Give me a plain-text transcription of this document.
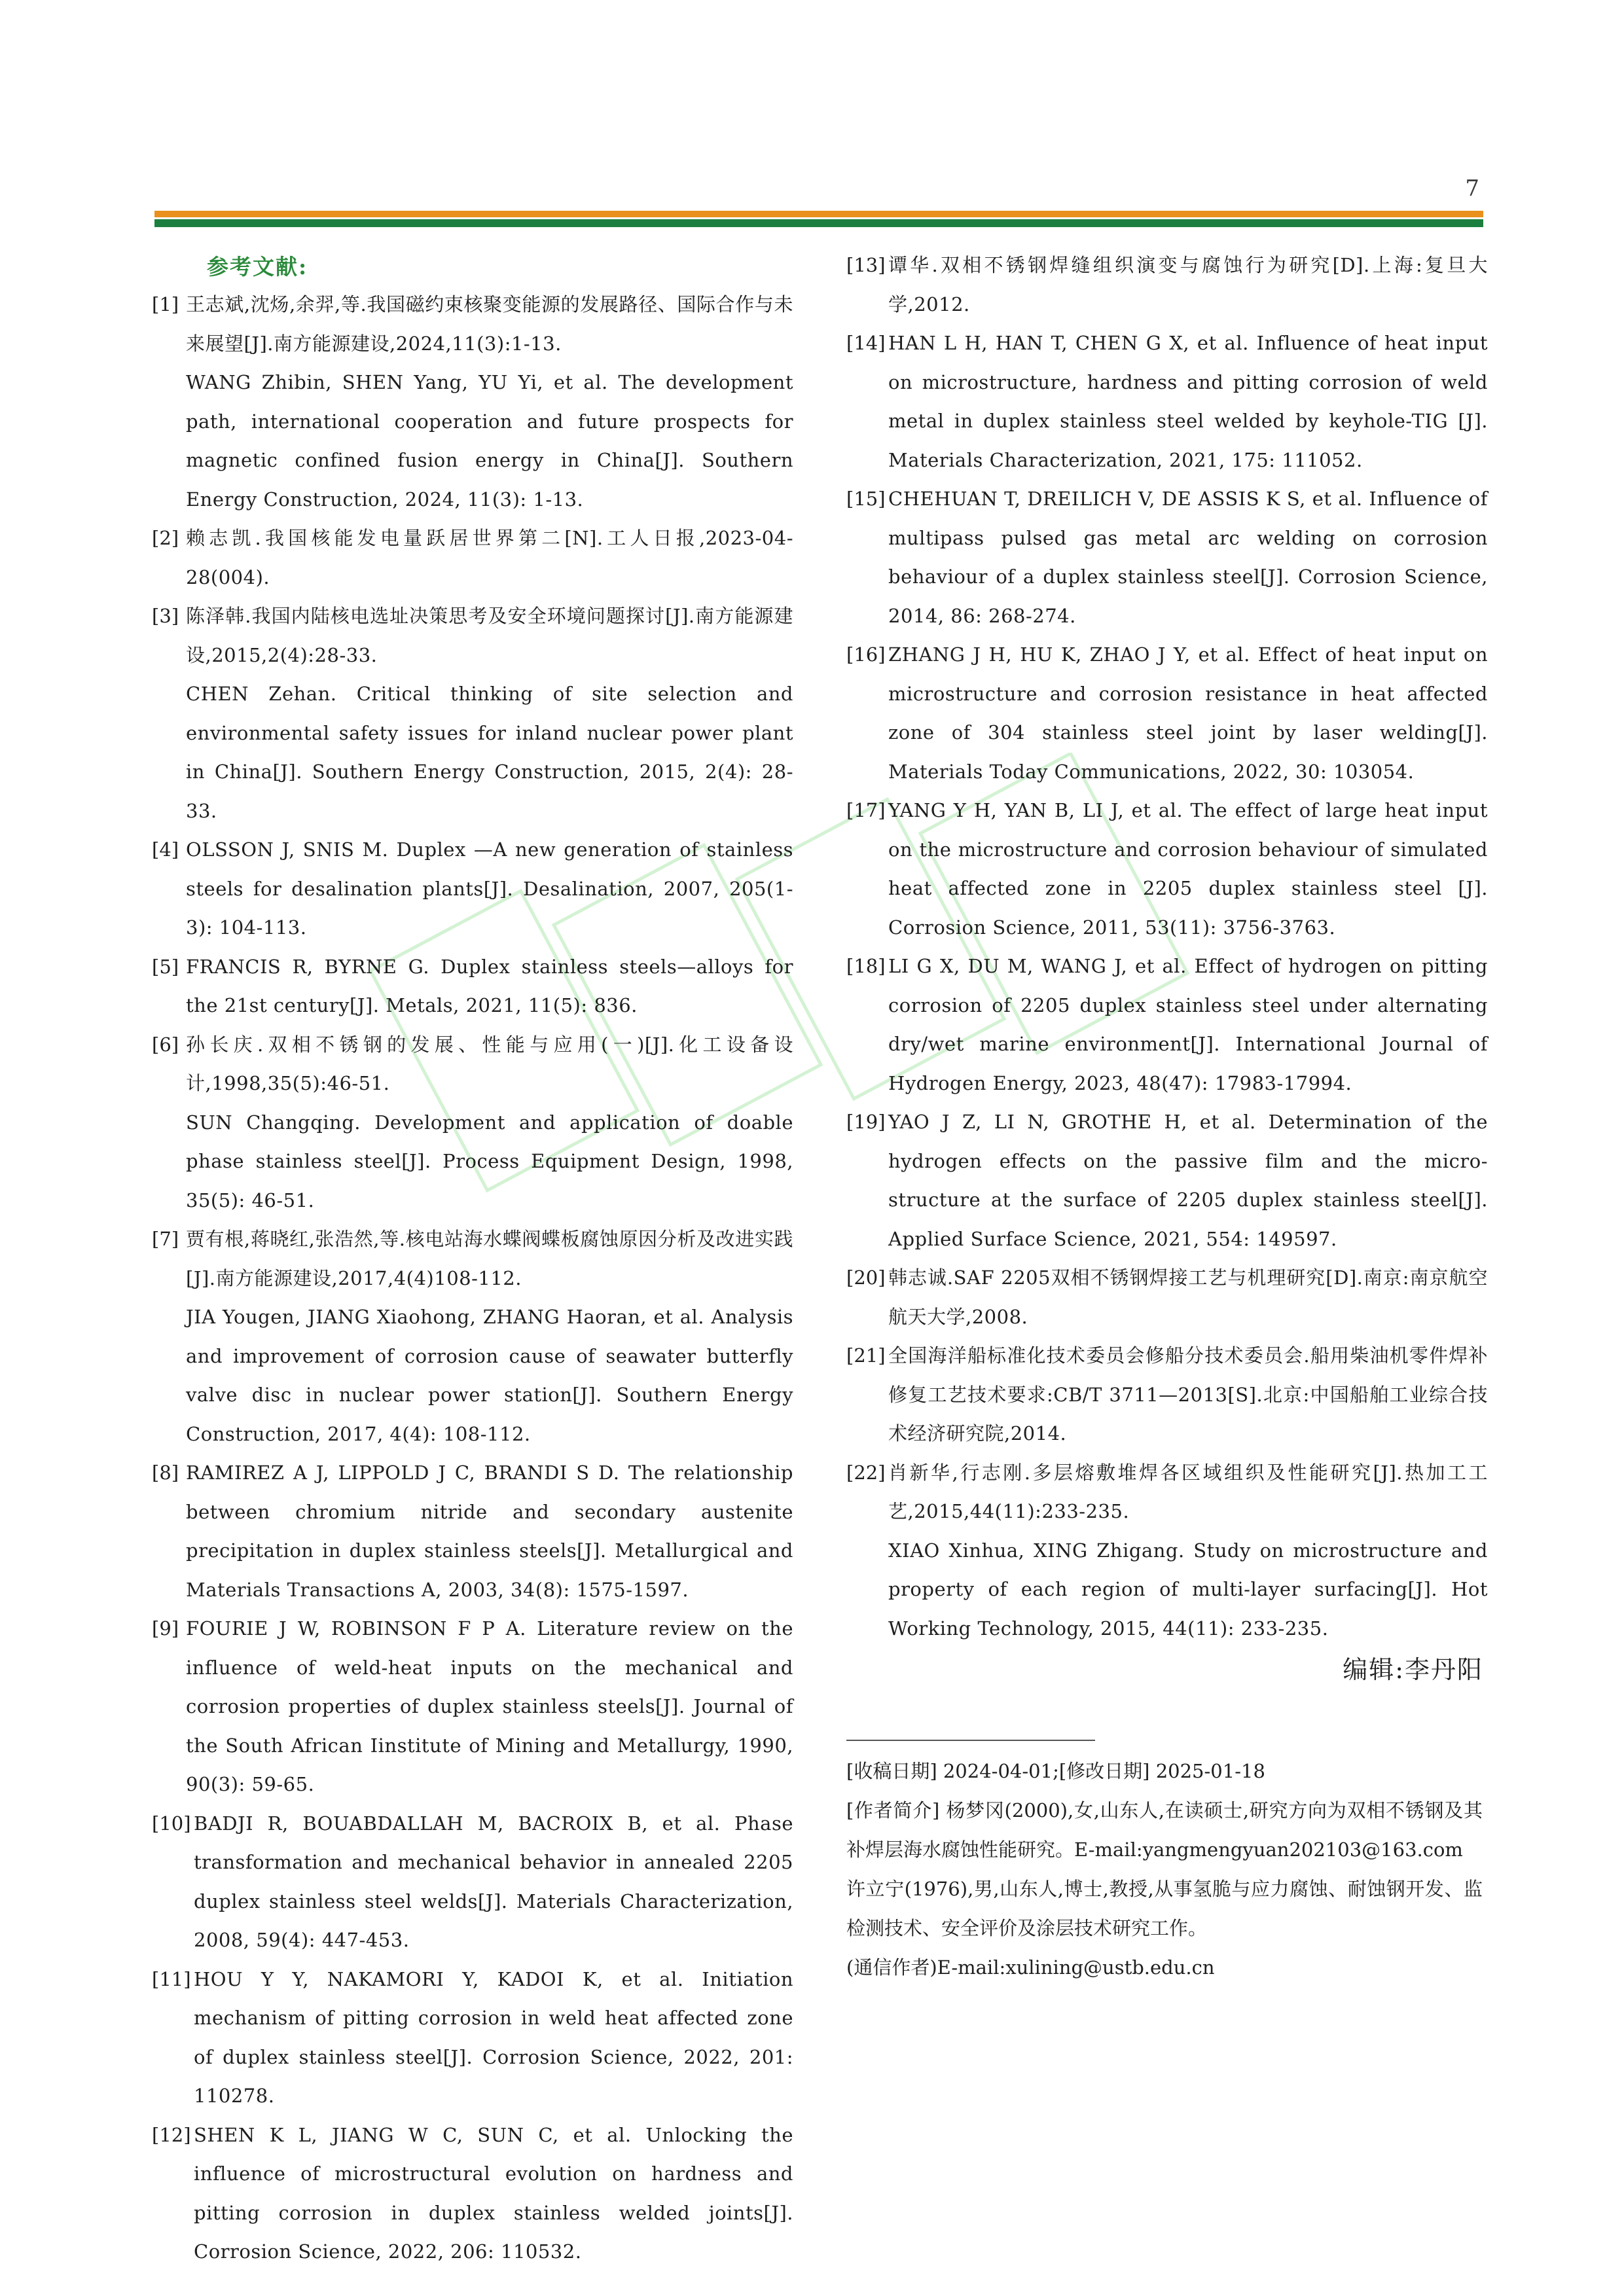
7
参考文献:
[1] 王志斌,沈炀,余羿,等.我国磁约束核聚变能源的发展路径、国际合作与未来展望[J].南方能源建设,2024,11(3):1-13.
WANG Zhibin, SHEN Yang, YU Yi, et al. The development path, international cooperation and future prospects for magnetic confined fusion energy in China[J]. Southern Energy Construction, 2024, 11(3): 1-13.
[2] 赖志凯.我国核能发电量跃居世界第二[N].工人日报,2023-04-28(004).
[3] 陈泽韩.我国内陆核电选址决策思考及安全环境问题探讨[J].南方能源建设,2015,2(4):28-33.
CHEN Zehan. Critical thinking of site selection and environmental safety issues for inland nuclear power plant in China[J]. Southern Energy Construction, 2015, 2(4): 28-33.
[4] OLSSON J, SNIS M. Duplex —A new generation of stainless steels for desalination plants[J]. Desalination, 2007, 205(1-3): 104-113.
[5] FRANCIS R, BYRNE G. Duplex stainless steels—alloys for the 21st century[J]. Metals, 2021, 11(5): 836.
[6] 孙长庆.双相不锈钢的发展、性能与应用(一)[J].化工设备设计,1998,35(5):46-51.
SUN Changqing. Development and application of doable phase stainless steel[J]. Process Equipment Design, 1998, 35(5): 46-51.
[7] 贾有根,蒋晓红,张浩然,等.核电站海水蝶阀蝶板腐蚀原因分析及改进实践[J].南方能源建设,2017,4(4)108-112.
JIA Yougen, JIANG Xiaohong, ZHANG Haoran, et al. Analysis and improvement of corrosion cause of seawater butterfly valve disc in nuclear power station[J]. Southern Energy Construction, 2017, 4(4): 108-112.
[8] RAMIREZ A J, LIPPOLD J C, BRANDI S D. The relationship between chromium nitride and secondary austenite precipitation in duplex stainless steels[J]. Metallurgical and Materials Transactions A, 2003, 34(8): 1575-1597.
[9] FOURIE J W, ROBINSON F P A. Literature review on the influence of weld-heat inputs on the mechanical and corrosion properties of duplex stainless steels[J]. Journal of the South African Iinstitute of Mining and Metallurgy, 1990, 90(3): 59-65.
[10] BADJI R, BOUABDALLAH M, BACROIX B, et al. Phase transformation and mechanical behavior in annealed 2205 duplex stainless steel welds[J]. Materials Characterization, 2008, 59(4): 447-453.
[11] HOU Y Y, NAKAMORI Y, KADOI K, et al. Initiation mechanism of pitting corrosion in weld heat affected zone of duplex stainless steel[J]. Corrosion Science, 2022, 201: 110278.
[12] SHEN K L, JIANG W C, SUN C, et al. Unlocking the influence of microstructural evolution on hardness and pitting corrosion in duplex stainless welded joints[J]. Corrosion Science, 2022, 206: 110532.
[13] 谭华.双相不锈钢焊缝组织演变与腐蚀行为研究[D].上海:复旦大学,2012.
[14] HAN L H, HAN T, CHEN G X, et al. Influence of heat input on microstructure, hardness and pitting corrosion of weld metal in duplex stainless steel welded by keyhole-TIG [J]. Materials Characterization, 2021, 175: 111052.
[15] CHEHUAN T, DREILICH V, DE ASSIS K S, et al. Influence of multipass pulsed gas metal arc welding on corrosion behaviour of a duplex stainless steel[J]. Corrosion Science, 2014, 86: 268-274.
[16] ZHANG J H, HU K, ZHAO J Y, et al. Effect of heat input on microstructure and corrosion resistance in heat affected zone of 304 stainless steel joint by laser welding[J]. Materials Today Communications, 2022, 30: 103054.
[17] YANG Y H, YAN B, LI J, et al. The effect of large heat input on the microstructure and corrosion behaviour of simulated heat affected zone in 2205 duplex stainless steel [J]. Corrosion Science, 2011, 53(11): 3756-3763.
[18] LI G X, DU M, WANG J, et al. Effect of hydrogen on pitting corrosion of 2205 duplex stainless steel under alternating dry/wet marine environment[J]. International Journal of Hydrogen Energy, 2023, 48(47): 17983-17994.
[19] YAO J Z, LI N, GROTHE H, et al. Determination of the hydrogen effects on the passive film and the micro-structure at the surface of 2205 duplex stainless steel[J]. Applied Surface Science, 2021, 554: 149597.
[20] 韩志诚.SAF 2205双相不锈钢焊接工艺与机理研究[D].南京:南京航空航天大学,2008.
[21] 全国海洋船标准化技术委员会修船分技术委员会.船用柴油机零件焊补修复工艺技术要求:CB/T 3711—2013[S].北京:中国船舶工业综合技术经济研究院,2014.
[22] 肖新华,行志刚.多层熔敷堆焊各区域组织及性能研究[J].热加工工艺,2015,44(11):233-235.
XIAO Xinhua, XING Zhigang. Study on microstructure and property of each region of multi-layer surfacing[J]. Hot Working Technology, 2015, 44(11): 233-235.
编辑:李丹阳

[收稿日期] 2024-04-01;[修改日期] 2025-01-18

[作者简介] 杨梦冈(2000),女,山东人,在读硕士,研究方向为双相不锈钢及其补焊层海水腐蚀性能研究。E-mail:yangmengyuan202103@163.com

许立宁(1976),男,山东人,博士,教授,从事氢脆与应力腐蚀、耐蚀钢开发、监检测技术、安全评价及涂层技术研究工作。

(通信作者)E-mail:xulining@ustb.edu.cn
